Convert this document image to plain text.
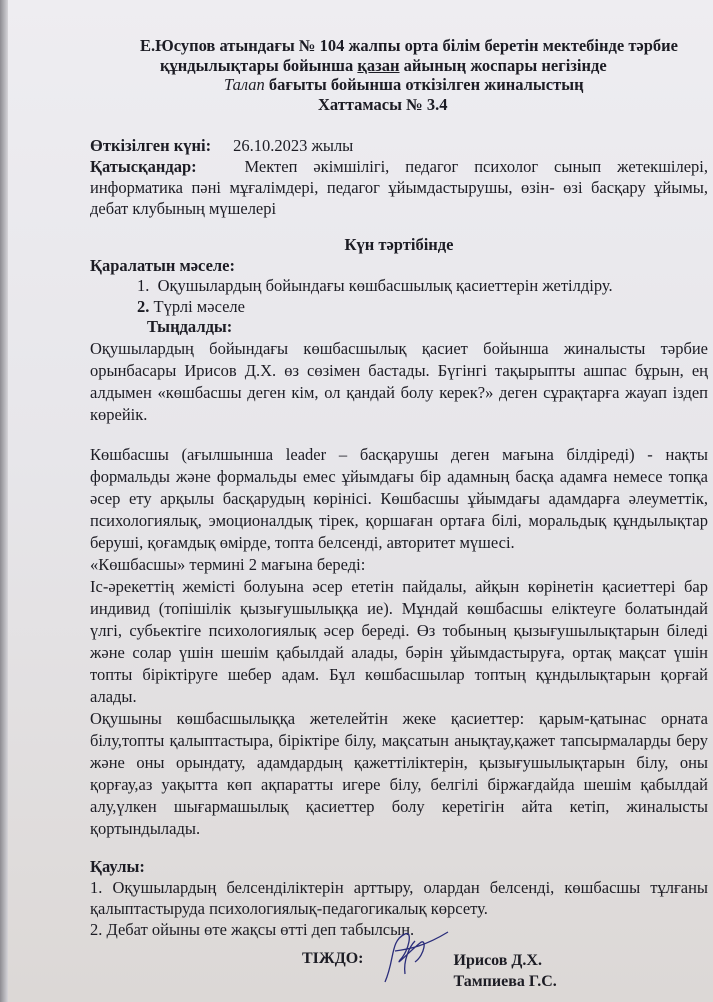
Е.Юсупов атындағы № 104 жалпы орта білім беретін мектебінде тәрбие
құндылықтары бойынша қазан айының жоспары негізінде
Талап бағыты бойынша откізілген жиналыстың
Хаттамасы № 3.4

Өткізілген күні: 26.10.2023 жылы

Қатысқандар:	Мектеп әкімшілігі, педагог психолог сынып жетекшілері, информатика пәні мұғалімдері, педагог ұйымдастырушы, өзін- өзі басқару ұйымы, дебат клубының мүшелері

Күн тәртібінде
Қаралатын мәселе:
1. Оқушылардың бойындағы көшбасшылық қасиеттерін жетілдіру.
2. Түрлі мәселе
Тыңдалды:

Оқушылардың бойындағы көшбасшылық қасиет бойынша жиналысты тәрбие орынбасары Ирисов Д.Х. өз сөзімен бастады. Бүгінгі тақырыпты ашпас бұрын, ең алдымен «көшбасшы деген кім, ол қандай болу керек?» деген сұрақтарға жауап іздеп көрейік.

Көшбасшы (ағылшынша leader – басқарушы деген мағына білдіреді) - нақты формальды және формальды емес ұйымдағы бір адамның басқа адамға немесе топқа әсер ету арқылы басқарудың көрінісі. Көшбасшы ұйымдағы адамдарға әлеуметтік, психологиялық, эмоционалдық тірек, қоршаған ортаға білі, моральдық құндылықтар беруші, қоғамдық өмірде, топта белсенді, авторитет мүшесі.

«Көшбасшы» термині 2 мағына береді:

Іс-әрекеттің жемісті болуына әсер ететін пайдалы, айқын көрінетін қасиеттері бар индивид (топішілік қызығушылыққа ие). Мұндай көшбасшы еліктеуге болатындай үлгі, субьектіге психологиялық әсер береді. Өз тобының қызығушылықтарын біледі және солар үшін шешім қабылдай алады, бәрін ұйымдастыруға, ортақ мақсат үшін топты біріктіруге шебер адам. Бұл көшбасшылар топтың құндылықтарын қорғай алады.

Оқушыны көшбасшылыққа жетелейтін жеке қасиеттер: қарым-қатынас орната білу,топты қалыптастыра, біріктіре білу, мақсатын анықтау,қажет тапсырмаларды беру және оны орындату, адамдардың қажеттіліктерін, қызығушылықтарын білу, оны қорғау,аз уақытта көп ақпаратты игере білу, белгілі біржағдайда шешім қабылдай алу,үлкен шығармашылық қасиеттер болу керетігін айта кетіп, жиналысты қортындылады.

Қаулы:
1. Оқушылардың белсенділіктерін арттыру, олардан белсенді, көшбасшы тұлғаны қалыптастыруда психологиялық-педагогикалық көрсету.
2. Дебат ойыны өте жақсы өтті деп табылсын.
ТІЖДО:	Ирисов Д.Х.
Тампиева Г.С.
